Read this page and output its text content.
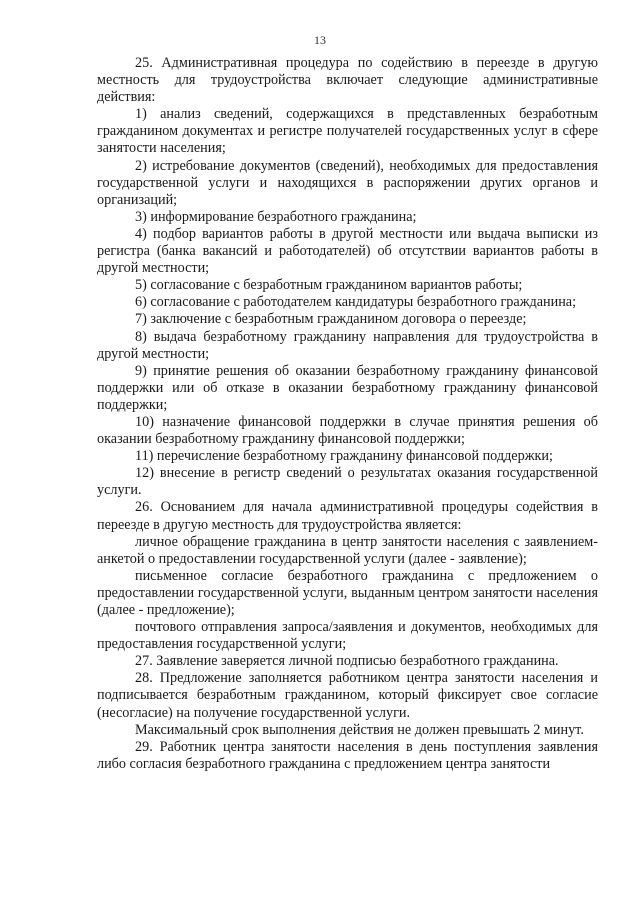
13

25. Административная процедура по содействию в переезде в другую местность для трудоустройства включает следующие административные действия:

1) анализ сведений, содержащихся в представленных безработным гражданином документах и регистре получателей государственных услуг в сфере занятости населения;

2) истребование документов (сведений), необходимых для предоставления государственной услуги и находящихся в распоряжении других органов и организаций;

3) информирование безработного гражданина;

4) подбор вариантов работы в другой местности или выдача выписки из регистра (банка вакансий и работодателей) об отсутствии вариантов работы в другой местности;

5) согласование с безработным гражданином вариантов работы;

6) согласование с работодателем кандидатуры безработного гражданина;

7) заключение с безработным гражданином договора о переезде;

8) выдача безработному гражданину направления для трудоустройства в другой местности;

9) принятие решения об оказании безработному гражданину финансовой поддержки или об отказе в оказании безработному гражданину финансовой поддержки;

10) назначение финансовой поддержки в случае принятия решения об оказании безработному гражданину финансовой поддержки;

11) перечисление безработному гражданину финансовой поддержки;

12) внесение в регистр сведений о результатах оказания государственной услуги.

26. Основанием для начала административной процедуры содействия в переезде в другую местность для трудоустройства является:

личное обращение гражданина в центр занятости населения с заявлением-анкетой о предоставлении государственной услуги (далее - заявление);

письменное согласие безработного гражданина с предложением о предоставлении государственной услуги, выданным центром занятости населения (далее - предложение);

почтового отправления запроса/заявления и документов, необходимых для предоставления государственной услуги;

27. Заявление заверяется личной подписью безработного гражданина.

28. Предложение заполняется работником центра занятости населения и подписывается безработным гражданином, который фиксирует свое согласие (несогласие) на получение государственной услуги.

Максимальный срок выполнения действия не должен превышать 2 минут.

29. Работник центра занятости населения в день поступления заявления либо согласия безработного гражданина с предложением центра занятости
